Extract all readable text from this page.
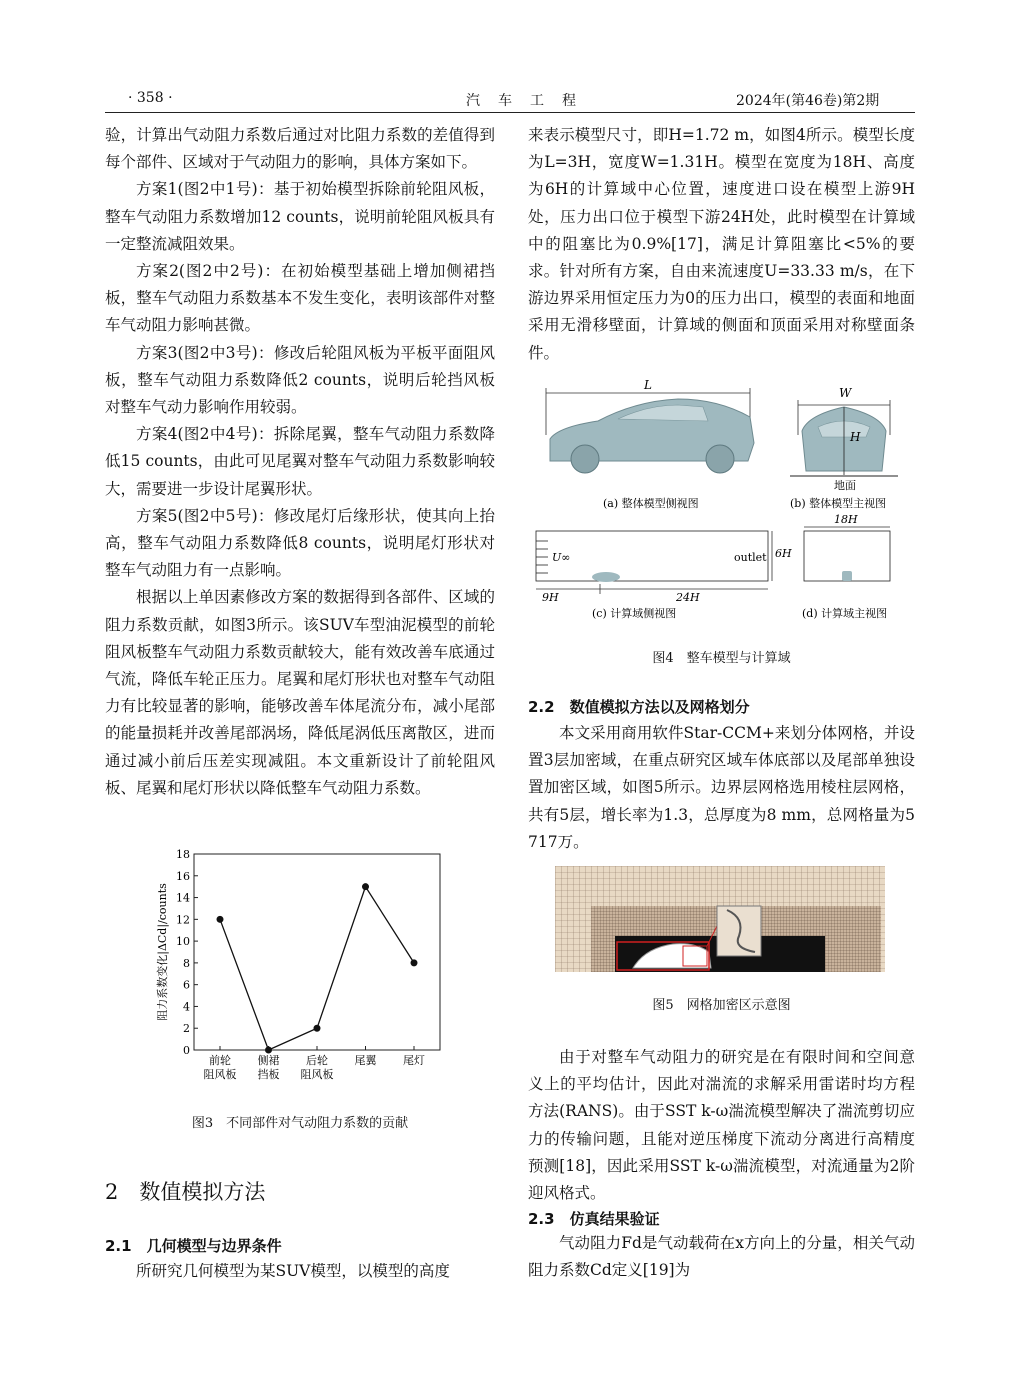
· 358 ·	汽　车　工　程	2024年(第46卷)第2期

验，计算出气动阻力系数后通过对比阻力系数的差值得到每个部件、区域对于气动阻力的影响，具体方案如下。

方案1(图2中1号)：基于初始模型拆除前轮阻风板，整车气动阻力系数增加12 counts，说明前轮阻风板具有一定整流减阻效果。

方案2(图2中2号)：在初始模型基础上增加侧裙挡板，整车气动阻力系数基本不发生变化，表明该部件对整车气动阻力影响甚微。

方案3(图2中3号)：修改后轮阻风板为平板平面阻风板，整车气动阻力系数降低2 counts，说明后轮挡风板对整车气动力影响作用较弱。

方案4(图2中4号)：拆除尾翼，整车气动阻力系数降低15 counts，由此可见尾翼对整车气动阻力系数影响较大，需要进一步设计尾翼形状。

方案5(图2中5号)：修改尾灯后缘形状，使其向上抬高，整车气动阻力系数降低8 counts，说明尾灯形状对整车气动阻力有一点影响。

根据以上单因素修改方案的数据得到各部件、区域的阻力系数贡献，如图3所示。该SUV车型油泥模型的前轮阻风板整车气动阻力系数贡献较大，能有效改善车底通过气流，降低车轮正压力。尾翼和尾灯形状也对整车气动阻力有比较显著的影响，能够改善车体尾流分布，减小尾部的能量损耗并改善尾部涡场，降低尾涡低压离散区，进而通过减小前后压差实现减阻。本文重新设计了前轮阻风板、尾翼和尾灯形状以降低整车气动阻力系数。

0
2
4
6
8
10
12
14
16
18
前轮
阻风板
侧裙
挡板
后轮
阻风板
尾翼 尾灯
阻力系数变化|ΔCd|/counts
图3　不同部件对气动阻力系数的贡献
2　数值模拟方法
2.1　几何模型与边界条件
所研究几何模型为某SUV模型，以模型的高度
来表示模型尺寸，即H=1.72 m，如图4所示。模型长度为L=3H，宽度W=1.31H。模型在宽度为18H、高度为6H的计算域中心位置，速度进口设在模型上游9H处，压力出口位于模型下游24H处，此时模型在计算域中的阻塞比为0.9%[17]，满足计算阻塞比<5%的要求。针对所有方案，自由来流速度U=33.33 m/s，在下游边界采用恒定压力为0的压力出口，模型的表面和地面采用无滑移壁面，计算域的侧面和顶面采用对称壁面条件。
L
(a) 整体模型侧视图
W
H
地面
(b) 整体模型主视图
U∞	outlet
9H	24H
6H
(c) 计算域侧视图
18H
(d) 计算域主视图
图4　整车模型与计算域
2.2　数值模拟方法以及网格划分
本文采用商用软件Star-CCM+来划分体网格，并设置3层加密域，在重点研究区域车体底部以及尾部单独设置加密区域，如图5所示。边界层网格选用棱柱层网格，共有5层，增长率为1.3，总厚度为8 mm，总网格量为5 717万。
图5　网格加密区示意图
由于对整车气动阻力的研究是在有限时间和空间意义上的平均估计，因此对湍流的求解采用雷诺时均方程方法(RANS)。由于SST k-ω湍流模型解决了湍流剪切应力的传输问题，且能对逆压梯度下流动分离进行高精度预测[18]，因此采用SST k-ω湍流模型，对流通量为2阶迎风格式。
2.3　仿真结果验证
气动阻力Fd是气动载荷在x方向上的分量，相关气动阻力系数Cd定义[19]为
